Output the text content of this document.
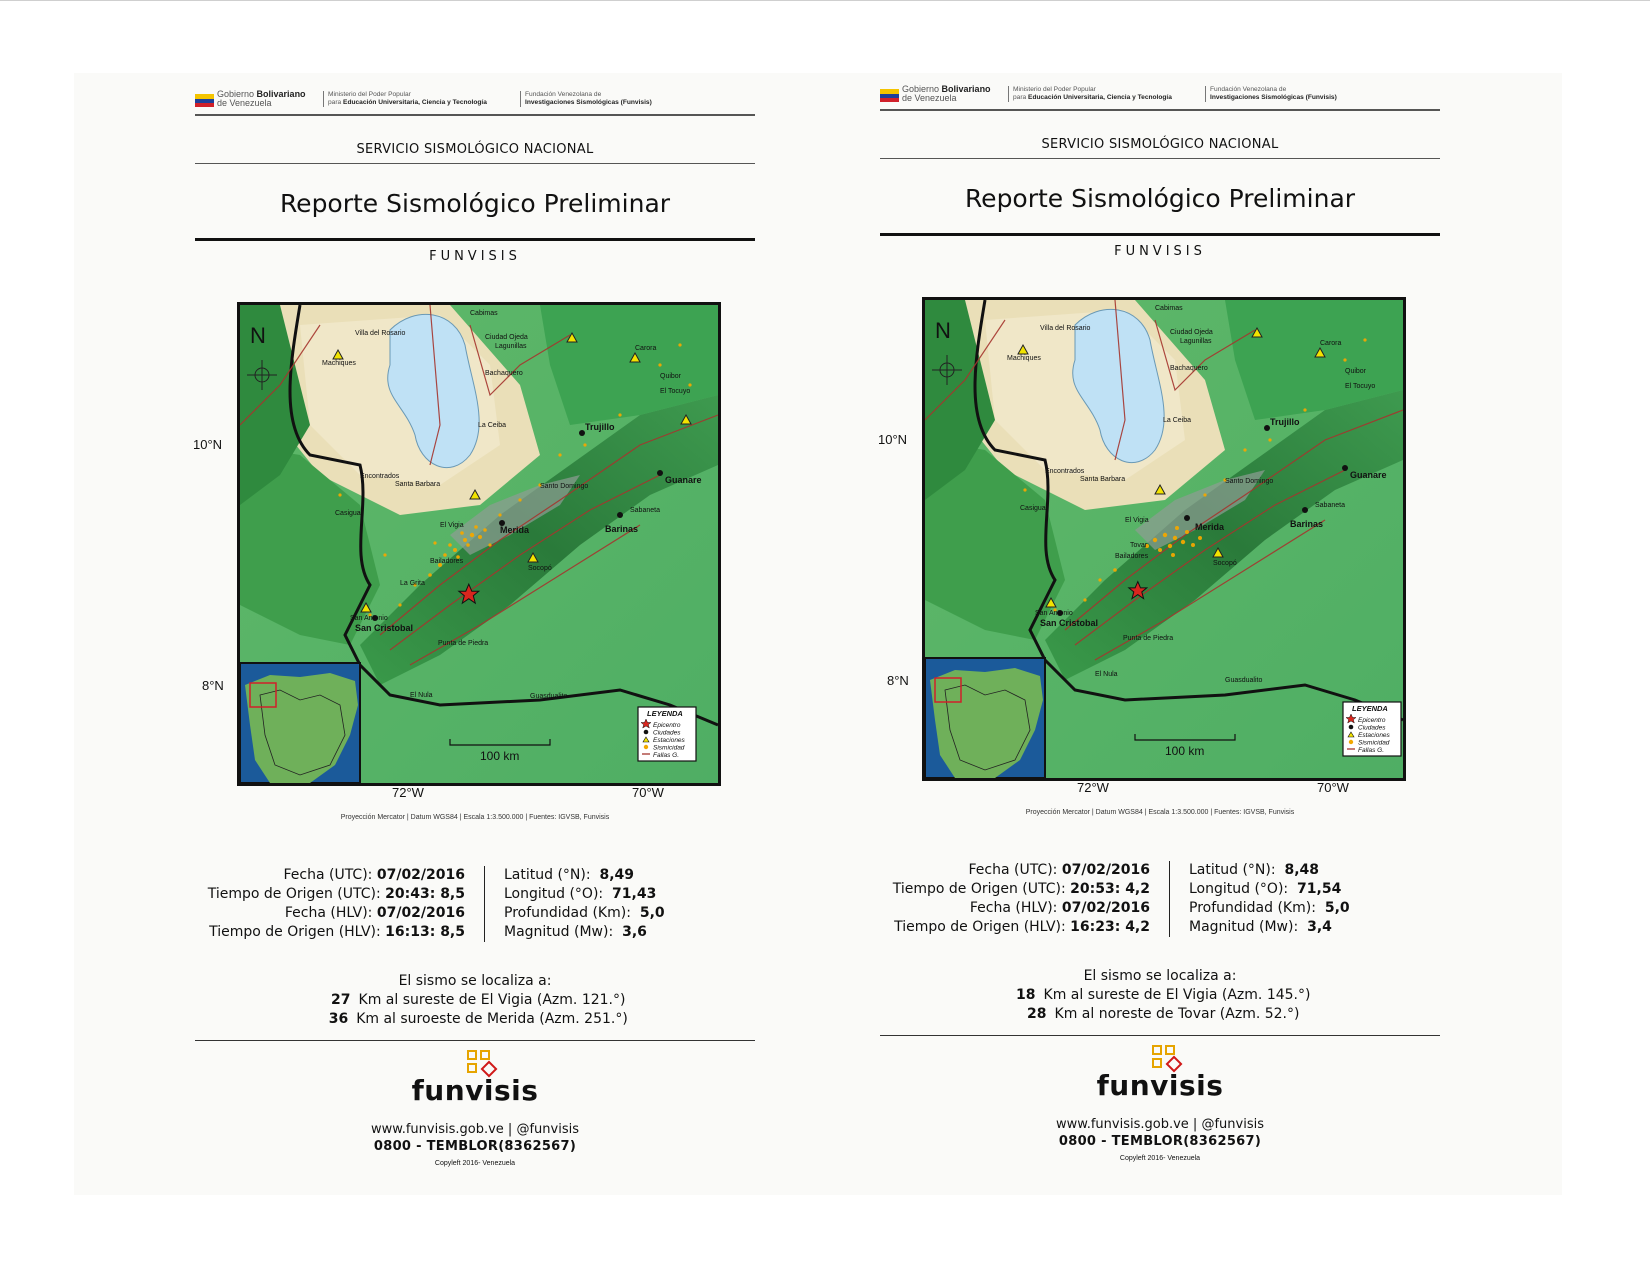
Gobierno Bolivariano
de Venezuela
Ministerio del Poder Popular
para Educación Universitaria, Ciencia y Tecnología
Fundación Venezolana de
Investigaciones Sismológicas (Funvisis)
SERVICIO SISMOLÓGICO NACIONAL
Reporte Sismológico Preliminar
FUNVISIS
Cabimas
Villa del Rosario
Machiques
Ciudad Ojeda
Lagunillas
Bachaquero
Carora
Quibor
El Tocuyo
La Ceiba	Trujillo
Encontrados
Santa Barbara	Guanare
Casigua
Santo Domingo
Barinas
Sabaneta
Merida
El Vigia
Bailadores
Socopó
La Grita
San Antonio
San Cristobal
Punta de Piedra
El Nula	Guasdualito
N
100 km
LEYENDA
Epicentro
Ciudades
Estaciones
Sismicidad
Fallas G.
10°N
8°N
72°W	70°W
Proyección Mercator | Datum WGS84 | Escala 1:3.500.000 | Fuentes: IGVSB, Funvisis
Fecha (UTC): 07/02/2016
Tiempo de Origen (UTC): 20:43: 8,5
Fecha (HLV): 07/02/2016
Tiempo de Origen (HLV): 16:13: 8,5
Latitud (°N): 8,49
Longitud (°O): 71,43
Profundidad (Km): 5,0
Magnitud (Mw): 3,6
El sismo se localiza a:
27 Km al sureste de El Vigia (Azm. 121.°)
36 Km al suroeste de Merida (Azm. 251.°)
funvisis
www.funvisis.gob.ve | @funvisis
0800 - TEMBLOR(8362567)
Copyleft 2016- Venezuela
Gobierno Bolivariano
de Venezuela
Ministerio del Poder Popular
para Educación Universitaria, Ciencia y Tecnología
Fundación Venezolana de
Investigaciones Sismológicas (Funvisis)
SERVICIO SISMOLÓGICO NACIONAL
Reporte Sismológico Preliminar
FUNVISIS
Cabimas
Villa del Rosario
Machiques
Ciudad Ojeda
Lagunillas
Bachaquero
Carora
Quibor
El Tocuyo
La Ceiba	Trujillo
Encontrados
Santa Barbara	Guanare
Casigua
Santo Domingo
Barinas
Sabaneta
Merida
El Vigia
Tovar
Bailadores
Socopó
San Antonio
San Cristobal
Punta de Piedra
El Nula
Guasdualito
N
100 km
LEYENDA
Epicentro
Ciudades
Estaciones
Sismicidad
Fallas G.
10°N
8°N
72°W	70°W
Proyección Mercator | Datum WGS84 | Escala 1:3.500.000 | Fuentes: IGVSB, Funvisis
Fecha (UTC): 07/02/2016
Tiempo de Origen (UTC): 20:53: 4,2
Fecha (HLV): 07/02/2016
Tiempo de Origen (HLV): 16:23: 4,2
Latitud (°N): 8,48
Longitud (°O): 71,54
Profundidad (Km): 5,0
Magnitud (Mw): 3,4
El sismo se localiza a:
18 Km al sureste de El Vigia (Azm. 145.°)
28 Km al noreste de Tovar (Azm. 52.°)
funvisis
www.funvisis.gob.ve | @funvisis
0800 - TEMBLOR(8362567)
Copyleft 2016- Venezuela
